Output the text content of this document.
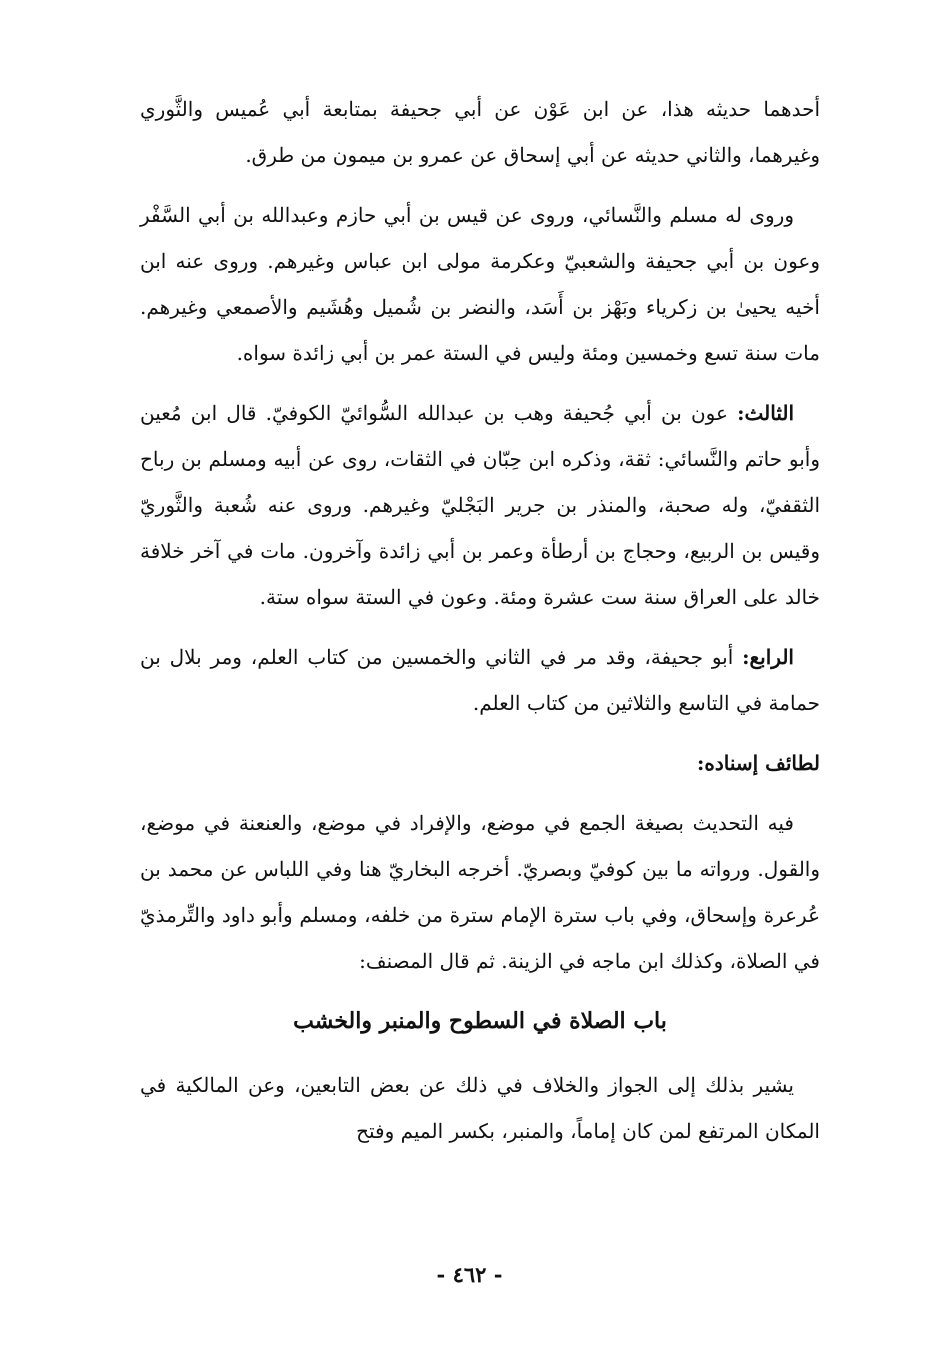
أحدهما حديثه هذا، عن ابن عَوْن عن أبي جحيفة بمتابعة أبي عُميس والثَّوري وغيرهما، والثاني حديثه عن أبي إسحاق عن عمرو بن ميمون من طرق.

وروى له مسلم والنَّسائي، وروى عن قيس بن أبي حازم وعبدالله بن أبي السَّفْر وعون بن أبي جحيفة والشعبيّ وعكرمة مولى ابن عباس وغيرهم. وروى عنه ابن أخيه يحيىٰ بن زكرياء وبَهْز بن أَسَد، والنضر بن شُميل وهُشَيم والأصمعي وغيرهم. مات سنة تسع وخمسين ومئة وليس في الستة عمر بن أبي زائدة سواه.

الثالث: عون بن أبي جُحيفة وهب بن عبدالله السُّوائيّ الكوفيّ. قال ابن مُعين وأبو حاتم والنَّسائي: ثقة، وذكره ابن حِبّان في الثقات، روى عن أبيه ومسلم بن رباح الثقفيّ، وله صحبة، والمنذر بن جرير البَجْليّ وغيرهم. وروى عنه شُعبة والثَّوريّ وقيس بن الربيع، وحجاج بن أرطأة وعمر بن أبي زائدة وآخرون. مات في آخر خلافة خالد على العراق سنة ست عشرة ومئة. وعون في الستة سواه ستة.

الرابع: أبو جحيفة، وقد مر في الثاني والخمسين من كتاب العلم، ومر بلال بن حمامة في التاسع والثلاثين من كتاب العلم.

لطائف إسناده:

فيه التحديث بصيغة الجمع في موضع، والإفراد في موضع، والعنعنة في موضع، والقول. ورواته ما بين كوفيّ وبصريّ. أخرجه البخاريّ هنا وفي اللباس عن محمد بن عُرعرة وإسحاق، وفي باب سترة الإمام سترة من خلفه، ومسلم وأبو داود والتِّرمذيّ في الصلاة، وكذلك ابن ماجه في الزينة. ثم قال المصنف:

باب الصلاة في السطوح والمنبر والخشب

يشير بذلك إلى الجواز والخلاف في ذلك عن بعض التابعين، وعن المالكية في المكان المرتفع لمن كان إماماً، والمنبر، بكسر الميم وفتح

- ٤٦٢ -
